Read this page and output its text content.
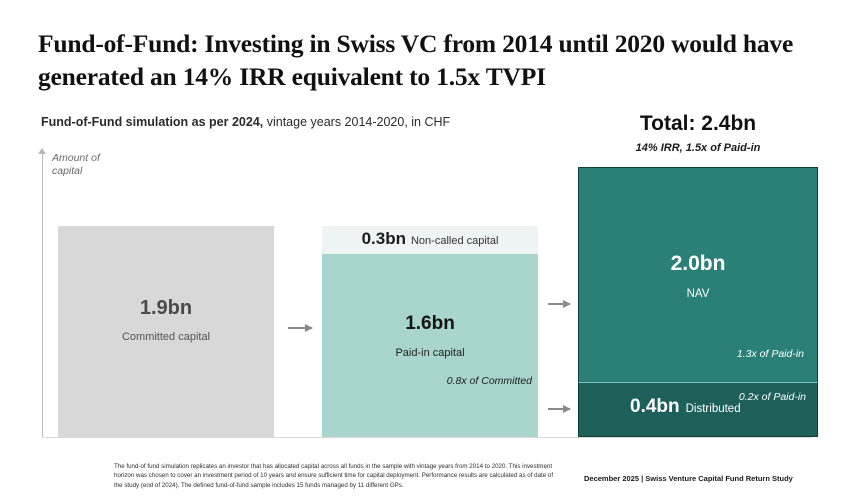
Fund-of-Fund: Investing in Swiss VC from 2014 until 2020 would have generated an 14% IRR equivalent to 1.5x TVPI
Fund-of-Fund simulation as per 2024, vintage years 2014-2020, in CHF
Amount of capital
1.9bn
Committed capital
0.3bn Non-called capital
1.6bn
Paid-in capital
0.8x of Committed
Total: 2.4bn
14% IRR, 1.5x of Paid-in
2.0bn
NAV
1.3x of Paid-in
0.4bn Distributed
0.2x of Paid-in
The fund-of fund simulation replicates an investor that has allocated capital across all funds in the sample with vintage years from 2014 to 2020. This investment horizon was chosen to cover an investment period of 10 years and ensure sufficient time for capital deployment. Performance results are calculated as of date of the study (end of 2024). The defined fund-of-fund sample includes 15 funds managed by 11 different GPs.
December 2025 | Swiss Venture Capital Fund Return Study
